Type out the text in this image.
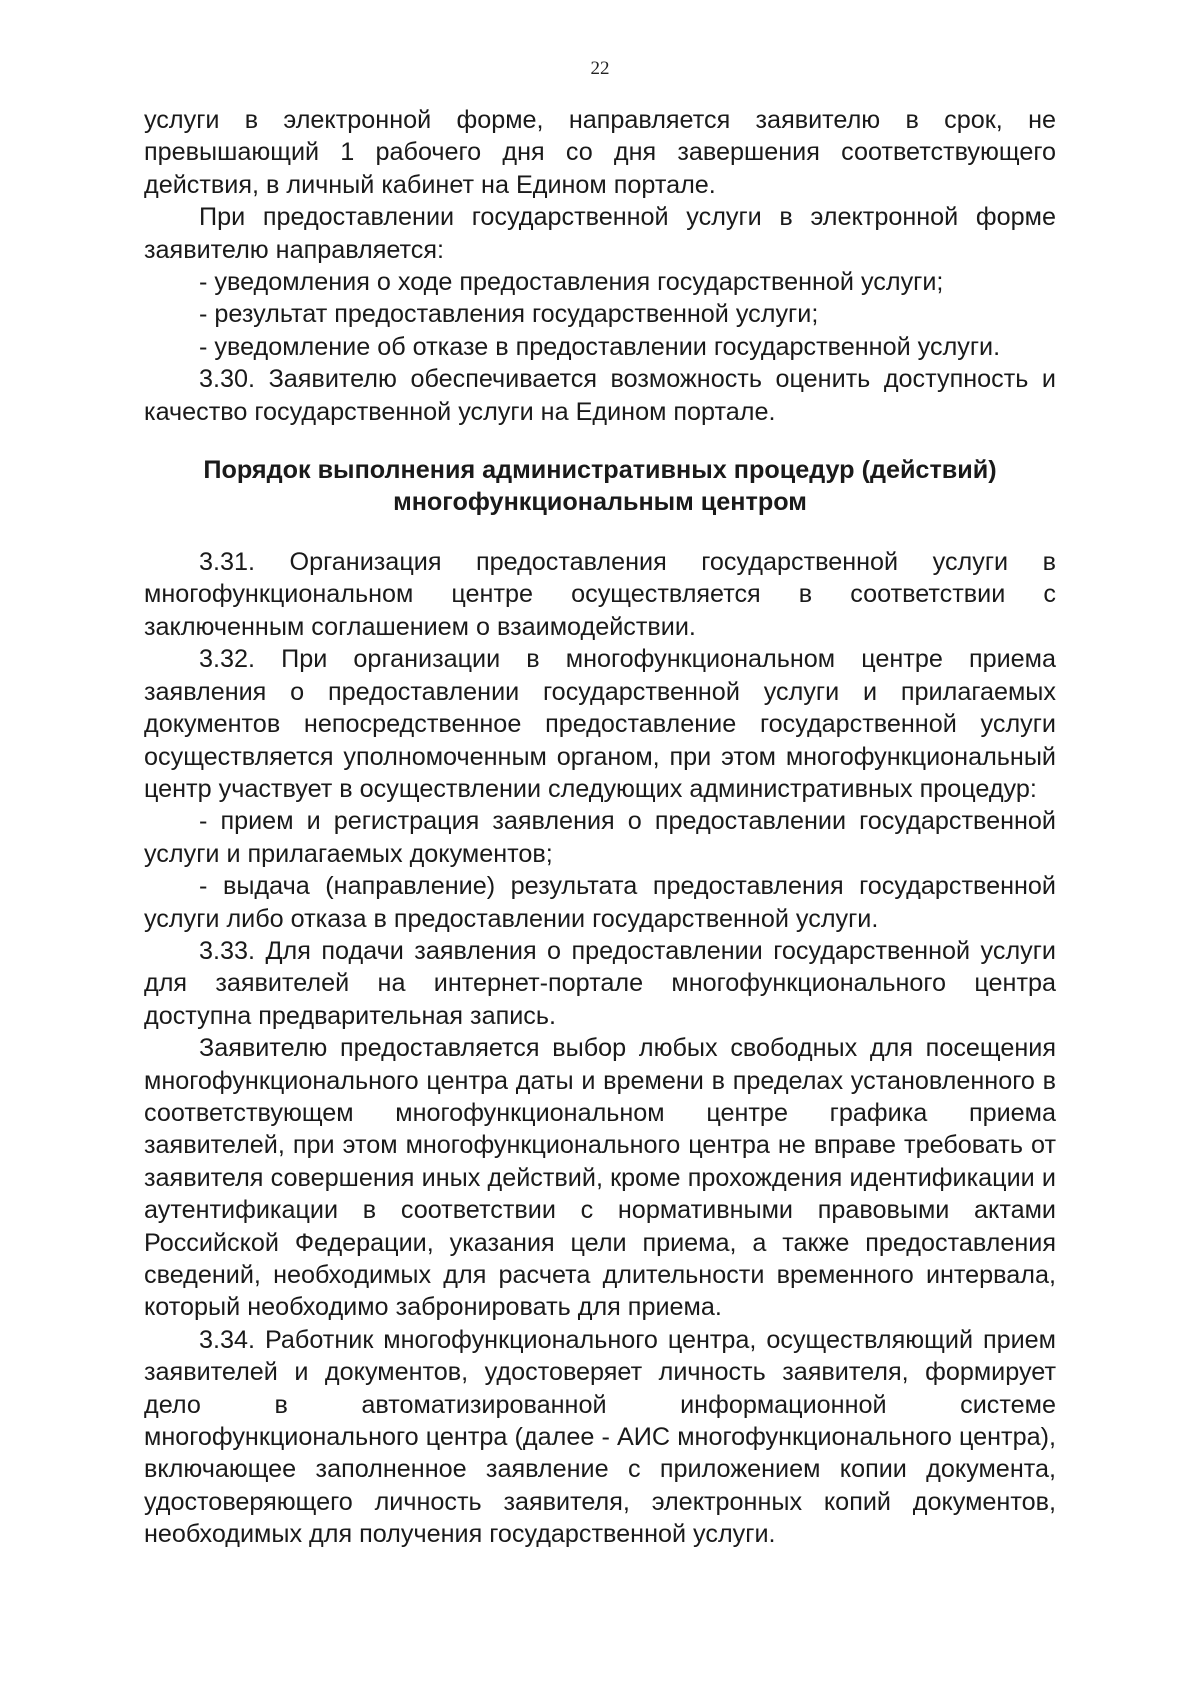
22

услуги в электронной форме, направляется заявителю в срок, не превышающий 1 рабочего дня со дня завершения соответствующего действия, в личный кабинет на Едином портале.

При предоставлении государственной услуги в электронной форме заявителю направляется:

- уведомления о ходе предоставления государственной услуги;

- результат предоставления государственной услуги;

- уведомление об отказе в предоставлении государственной услуги.

3.30. Заявителю обеспечивается возможность оценить доступность и качество государственной услуги на Едином портале.

Порядок выполнения административных процедур (действий)
многофункциональным центром

3.31. Организация предоставления государственной услуги в многофункциональном центре осуществляется в соответствии с заключенным соглашением о взаимодействии.

3.32. При организации в многофункциональном центре приема заявления о предоставлении государственной услуги и прилагаемых документов непосредственное предоставление государственной услуги осуществляется уполномоченным органом, при этом многофункциональный центр участвует в осуществлении следующих административных процедур:

- прием и регистрация заявления о предоставлении государственной услуги и прилагаемых документов;

- выдача (направление) результата предоставления государственной услуги либо отказа в предоставлении государственной услуги.

3.33. Для подачи заявления о предоставлении государственной услуги для заявителей на интернет-портале многофункционального центра доступна предварительная запись.

Заявителю предоставляется выбор любых свободных для посещения многофункционального центра даты и времени в пределах установленного в соответствующем многофункциональном центре графика приема заявителей, при этом многофункционального центра не вправе требовать от заявителя совершения иных действий, кроме прохождения идентификации и аутентификации в соответствии с нормативными правовыми актами Российской Федерации, указания цели приема, а также предоставления сведений, необходимых для расчета длительности временного интервала, который необходимо забронировать для приема.

3.34. Работник многофункционального центра, осуществляющий прием заявителей и документов, удостоверяет личность заявителя, формирует дело в автоматизированной информационной системе многофункционального центра (далее - АИС многофункционального центра), включающее заполненное заявление с приложением копии документа, удостоверяющего личность заявителя, электронных копий документов, необходимых для получения государственной услуги.
